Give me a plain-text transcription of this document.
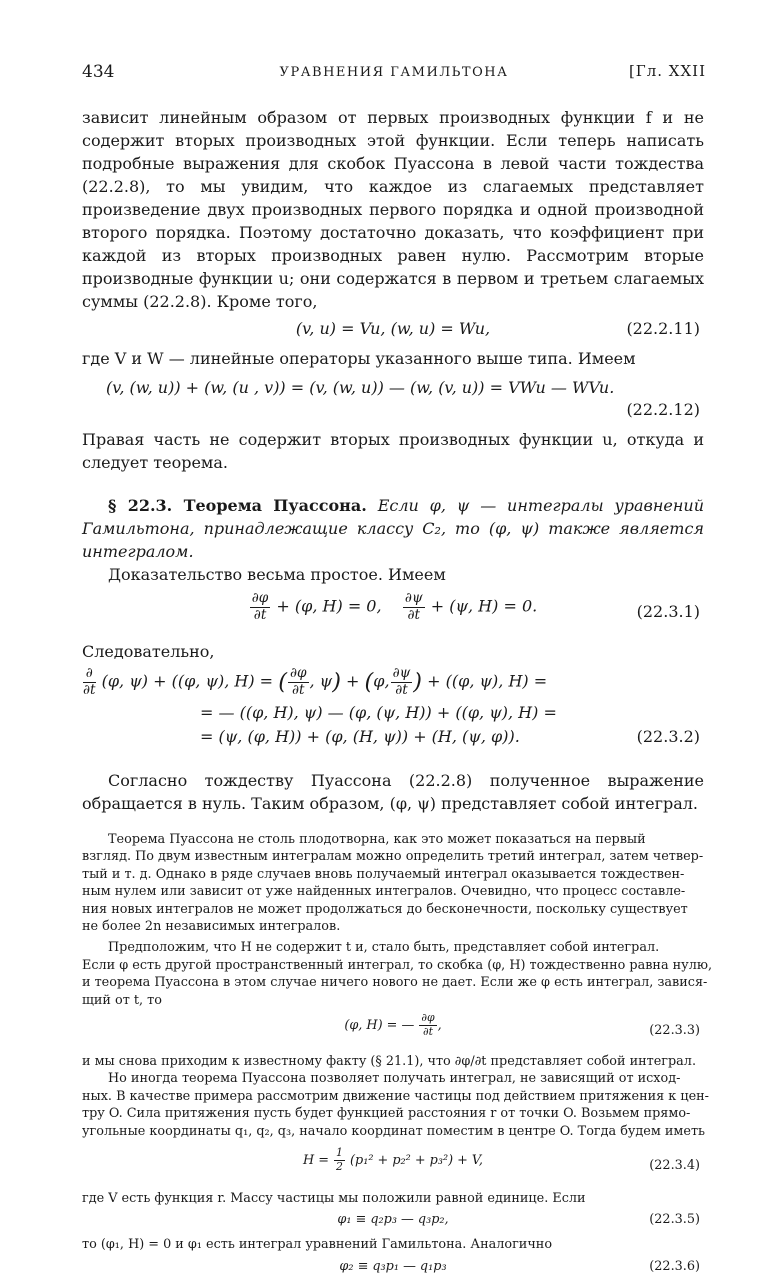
434	УРАВНЕНИЯ ГАМИЛЬТОНА	[Гл. XXII

зависит линейным образом от первых производных функции f и не содержит вторых производных этой функции. Если теперь написать подробные выражения для скобок Пуассона в левой части тождества (22.2.8), то мы увидим, что каждое из слагаемых представляет произведение двух производных первого порядка и одной производной второго порядка. Поэтому достаточно доказать, что коэффициент при каждой из вторых производных равен нулю. Рассмотрим вторые производные функции u; они содержатся в первом и третьем слагаемых суммы (22.2.8). Кроме того,

(v, u) = Vu, (w, u) = Wu,	(22.2.11)

где V и W — линейные операторы указанного выше типа. Имеем

(v, (w, u)) + (w, (u , v)) = (v, (w, u)) — (w, (v, u)) = VWu — WVu.
(22.2.12)

Правая часть не содержит вторых производных функции u, откуда и следует теорема.

§ 22.3. Теорема Пуассона. Если φ, ψ — интегралы уравнений Гамильтона, принадлежащие классу C₂, то (φ, ψ) также является интегралом.

Доказательство весьма простое. Имеем

$\frac{\partial\varphi}{\partial t} + (\varphi$, H) = 0, $\frac{\partial\psi}{\partial t} + (\psi$, H) = 0.	(22.3.1)

Следовательно,

∂
∂t (φ, ψ) + ((φ, ψ), H) = ( $\frac{\partial\varphi}{\partial t}$ , ψ) + (φ, $\frac{\partial\psi}{\partial t}$ ) + ((φ, ψ), H) =
= — ((φ, H), ψ) — (φ, (ψ, H)) + ((φ, ψ), H) =
= (ψ, (φ, H)) + (φ, (H, ψ)) + (H, (ψ, φ)).	(22.3.2)

Согласно тождеству Пуассона (22.2.8) полученное выражение обращается в нуль. Таким образом, (φ, ψ) представляет собой интеграл.

Теорема Пуассона не столь плодотворна, как это может показаться на первый
взгляд. По двум известным интегралам можно определить третий интеграл, затем четвер-
тый и т. д. Однако в ряде случаев вновь получаемый интеграл оказывается тождествен-
ным нулем или зависит от уже найденных интегралов. Очевидно, что процесс составле-
ния новых интегралов не может продолжаться до бесконечности, поскольку существует
не более 2n независимых интегралов.
Предположим, что H не содержит t и, стало быть, представляет собой интеграл.
Если φ есть другой пространственный интеграл, то скобка (φ, H) тождественно равна нулю,
и теорема Пуассона в этом случае ничего нового не дает. Если же φ есть интеграл, завися-
щий от t, то
(φ, H) = — $\frac{\partial\varphi}{\partial t}$ ,	(22.3.3)

и мы снова приходим к известному факту (§ 21.1), что ∂φ/∂t представляет собой интеграл.

Но иногда теорема Пуассона позволяет получать интеграл, не зависящий от исход-
ных. В качестве примера рассмотрим движение частицы под действием притяжения к цен-
тру O. Сила притяжения пусть будет функцией расстояния r от точки O. Возьмем прямо-
угольные координаты q₁, q₂, q₃, начало координат поместим в центре O. Тогда будем иметь
$H = \frac{1}{2} (p_1^2 + p_2^2 + p_3^2) + V$,	(22.3.4)

где V есть функция r. Массу частицы мы положили равной единице. Если

φ₁ ≡ q₂p₃ — q₃p₂,	(22.3.5)

то (φ₁, H) = 0 и φ₁ есть интеграл уравнений Гамильтона. Аналогично

φ₂ ≡ q₃p₁ — q₁p₃	(22.3.6)
